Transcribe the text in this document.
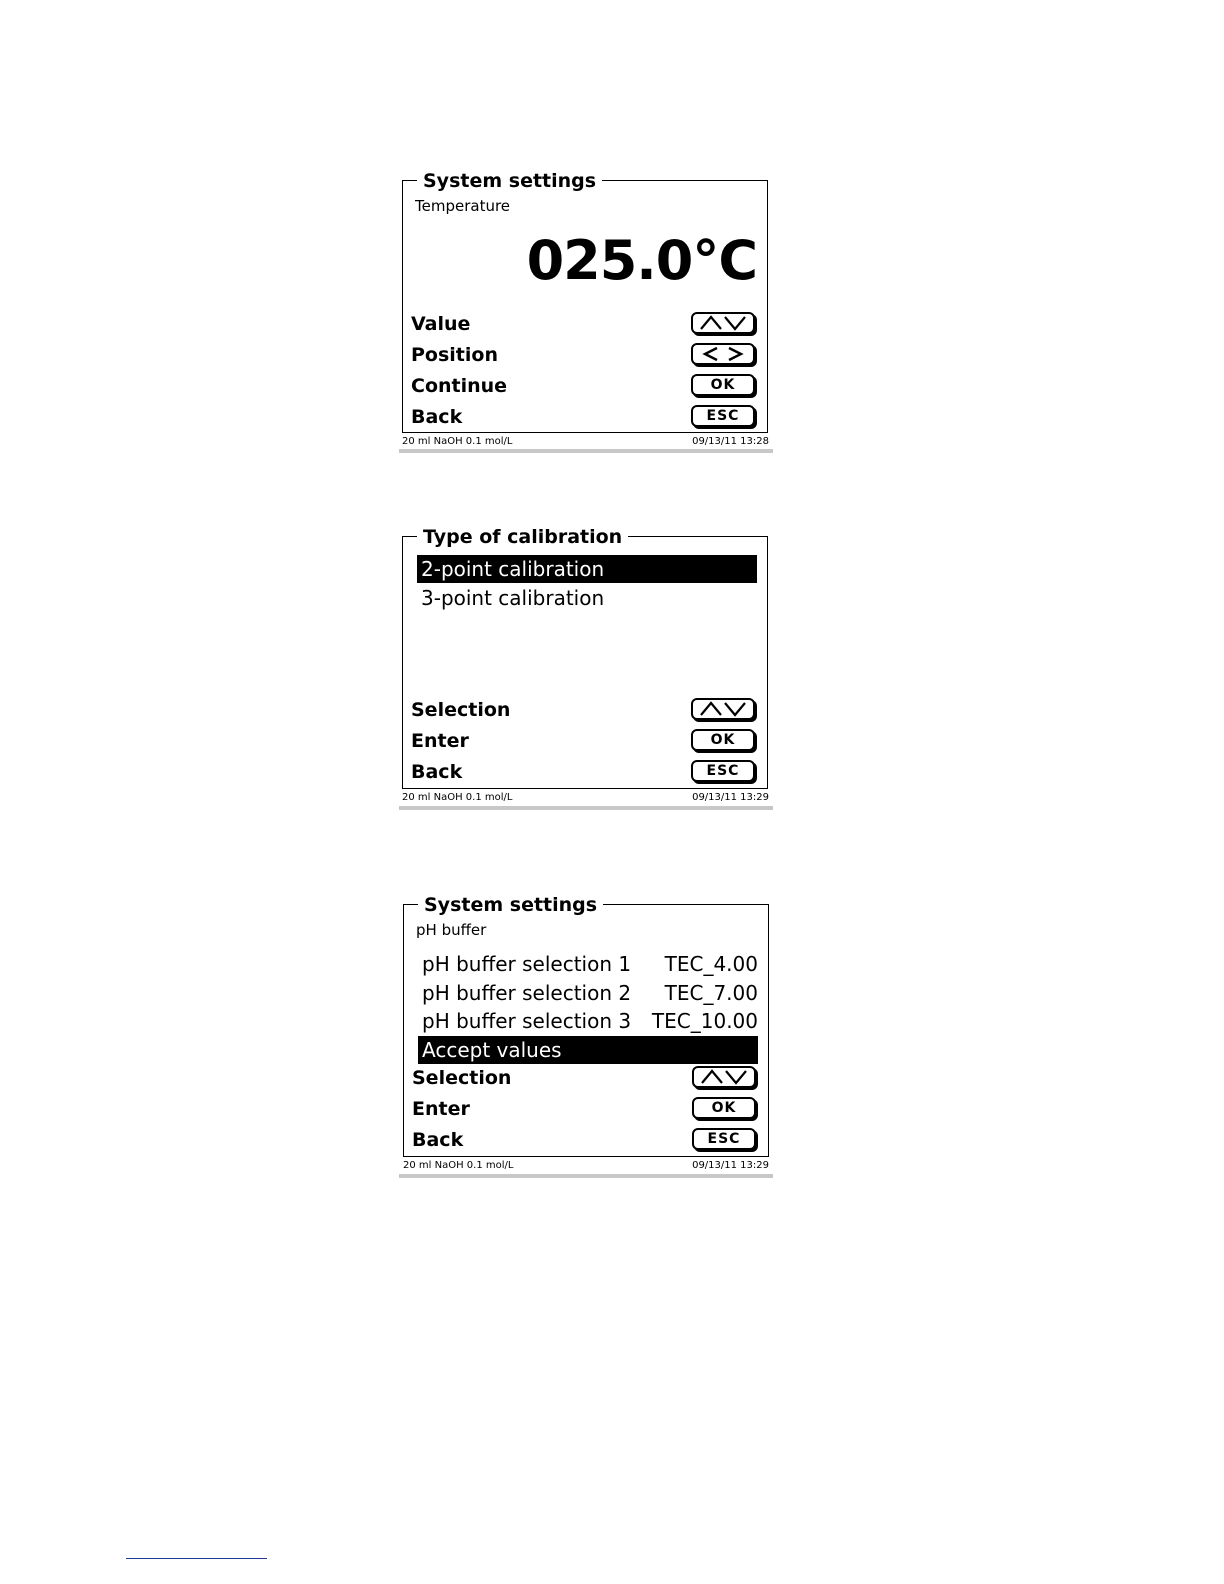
System settings
Temperature
025.0°C
Value
Position
Continue	OK
Back	ESC
20 ml NaOH 0.1 mol/L	09/13/11 13:28
Type of calibration
2-point calibration
3-point calibration
Selection
Enter	OK
Back	ESC
20 ml NaOH 0.1 mol/L	09/13/11 13:29
System settings
pH buffer
pH buffer selection 1 TEC_4.00
pH buffer selection 2 TEC_7.00
pH buffer selection 3 TEC_10.00
Accept values
Selection
Enter	OK
Back	ESC
20 ml NaOH 0.1 mol/L	09/13/11 13:29
